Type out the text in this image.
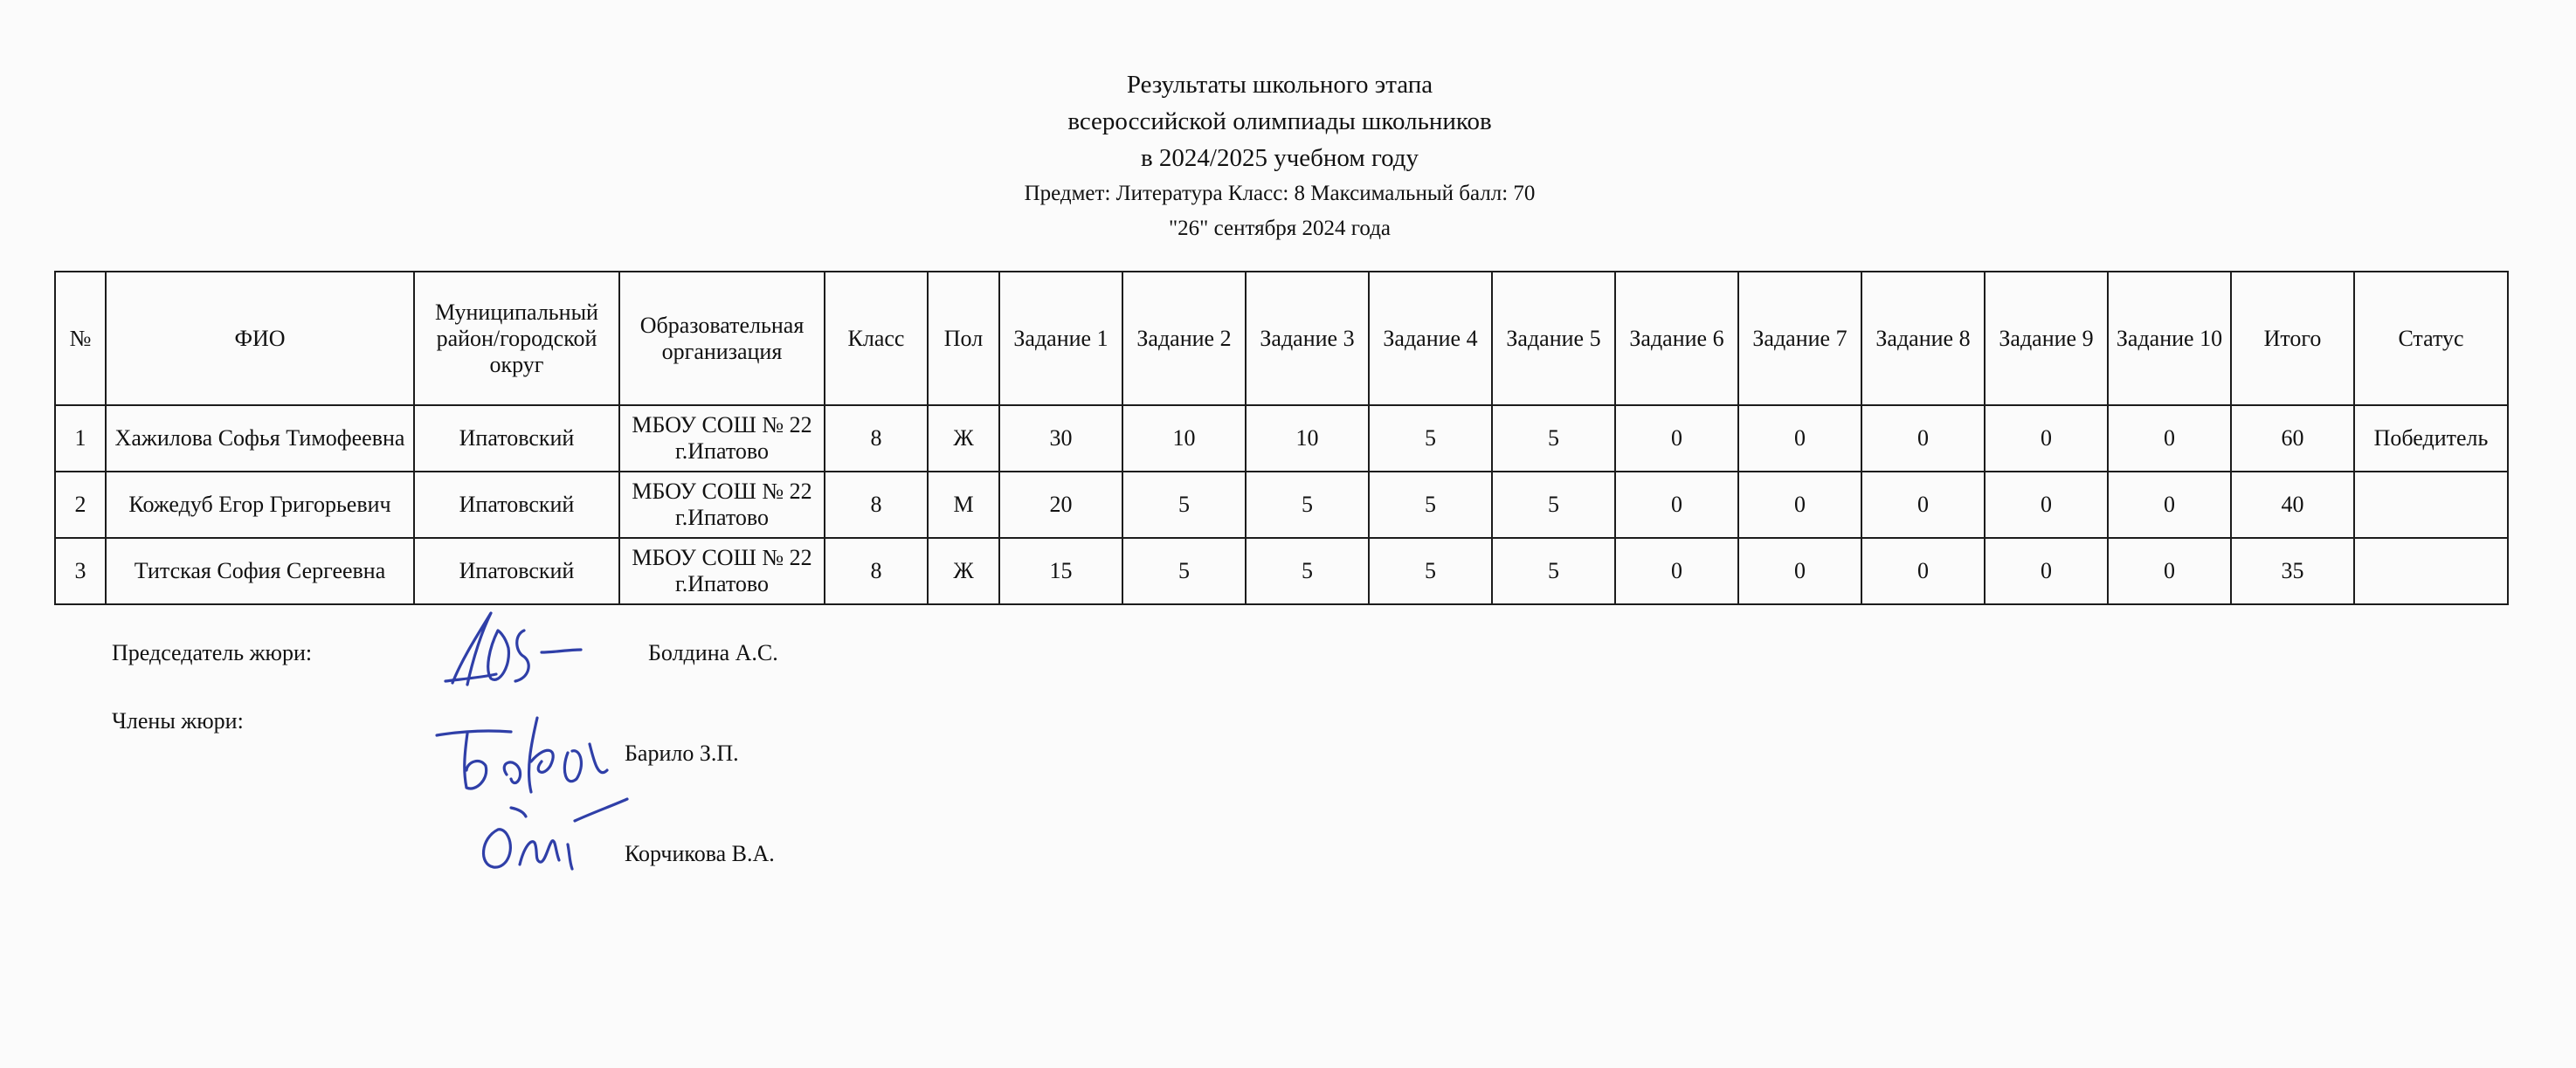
Результаты школьного этапа
всероссийской олимпиады школьников
в 2024/2025 учебном году
Предмет: Литература Класс: 8 Максимальный балл: 70
"26" сентября 2024 года
№	ФИО	Муниципальный район/городской округ	Образовательная организация	Класс	Пол	Задание 1	Задание 2	Задание 3	Задание 4	Задание 5	Задание 6	Задание 7	Задание 8	Задание 9	Задание 10	Итого	Статус
1	Хажилова Софья Тимофеевна	Ипатовский	МБОУ СОШ № 22 г.Ипатово	8	Ж	30	10	10	5	5	0	0	0	0	0	60	Победитель
2	Кожедуб Егор Григорьевич	Ипатовский	МБОУ СОШ № 22 г.Ипатово	8	М	20	5	5	5	5	0	0	0	0	0	40	
3	Титская София Сергеевна	Ипатовский	МБОУ СОШ № 22 г.Ипатово	8	Ж	15	5	5	5	5	0	0	0	0	0	35	
Председатель жюри:	Болдина А.С.
Члены жюри:
Барило З.П.
Корчикова В.А.
